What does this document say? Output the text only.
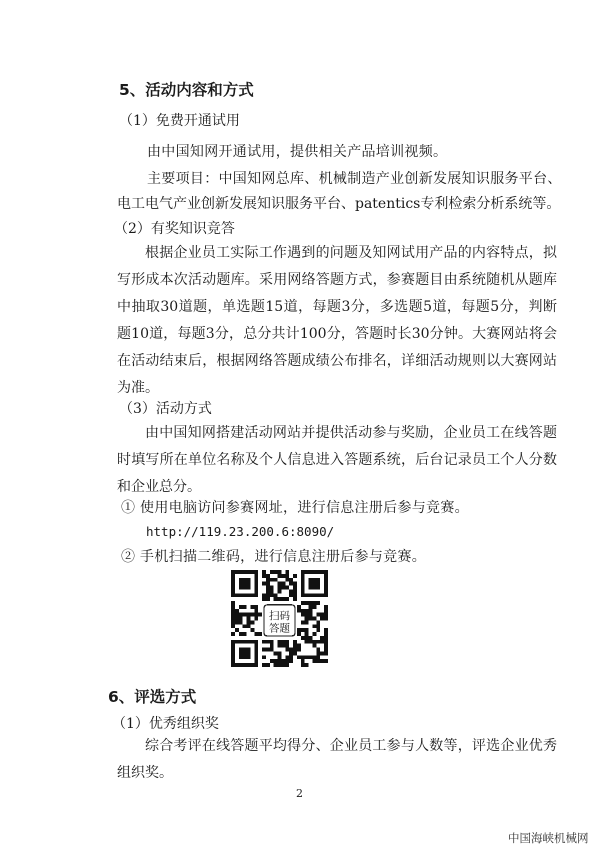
5、活动内容和方式
（1）免费开通试用
由中国知网开通试用，提供相关产品培训视频。
主要项目：中国知网总库、机械制造产业创新发展知识服务平台、
电工电气产业创新发展知识服务平台、patentics专利检索分析系统等。
（2）有奖知识竞答
根据企业员工实际工作遇到的问题及知网试用产品的内容特点，拟写形成本次活动题库。采用网络答题方式，参赛题目由系统随机从题库中抽取30道题，单选题15道，每题3分，多选题5道，每题5分，判断题10道，每题3分，总分共计100分，答题时长30分钟。大赛网站将会在活动结束后，根据网络答题成绩公布排名，详细活动规则以大赛网站为准。
（3）活动方式
由中国知网搭建活动网站并提供活动参与奖励，企业员工在线答题时填写所在单位名称及个人信息进入答题系统，后台记录员工个人分数和企业总分。
① 使用电脑访问参赛网址，进行信息注册后参与竞赛。
http://119.23.200.6:8090/
② 手机扫描二维码，进行信息注册后参与竞赛。
扫码
答题
6、评选方式
（1）优秀组织奖
综合考评在线答题平均得分、企业员工参与人数等，评选企业优秀组织奖。
2
中国海峡机械网
